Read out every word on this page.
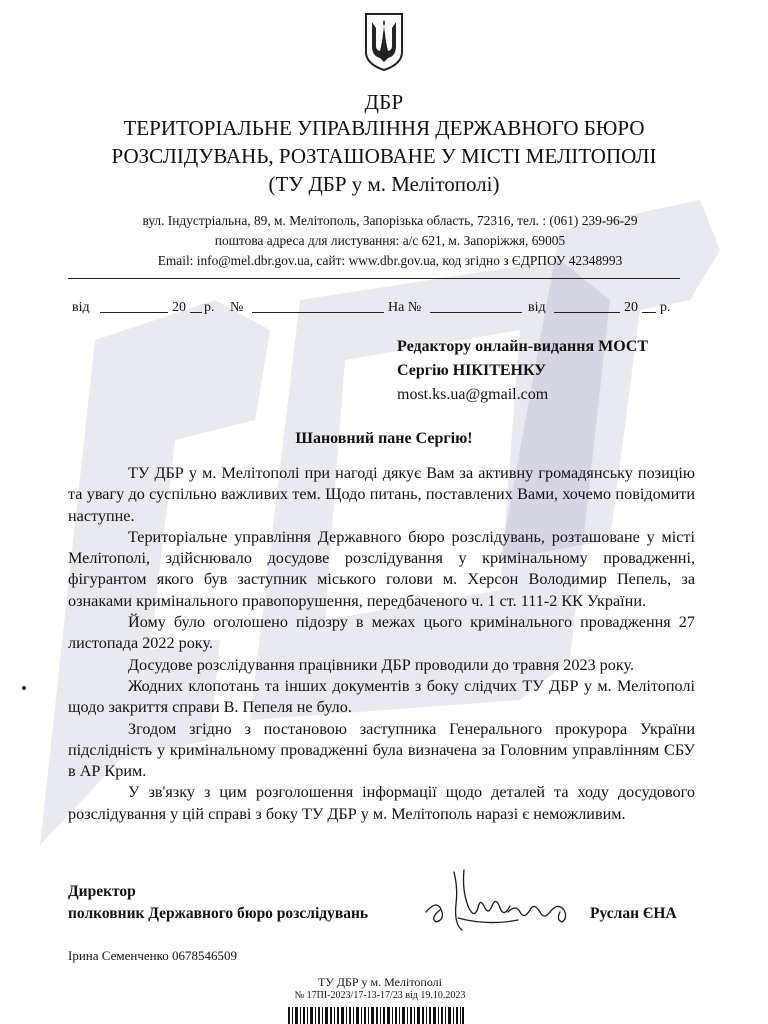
ДБР
ТЕРИТОРІАЛЬНЕ УПРАВЛІННЯ ДЕРЖАВНОГО БЮРО
РОЗСЛІДУВАНЬ, РОЗТАШОВАНЕ У МІСТІ МЕЛІТОПОЛІ
(ТУ ДБР у м. Мелітополі)
вул. Індустріальна, 89, м. Мелітополь, Запорізька область, 72316, тел. : (061) 239-96-29
поштова адреса для листування: а/с 621, м. Запоріжжя, 69005
Email: info@mel.dbr.gov.ua, сайт: www.dbr.gov.ua, код згідно з ЄДРПОУ 42348993
від	20 р. №	На №	від	20 р.
Редактору онлайн-видання МОСТ
Сергію НІКІТЕНКУ
most.ks.ua@gmail.com
Шановний пане Сергію!

ТУ ДБР у м. Мелітополі при нагоді дякує Вам за активну громадянську позицію та увагу до суспільно важливих тем. Щодо питань, поставлених Вами, хочемо повідомити наступне.

Територіальне управління Державного бюро розслідувань, розташоване у місті Мелітополі, здійснювало досудове розслідування у кримінальному провадженні, фігурантом якого був заступник міського голови м. Херсон Володимир Пепель, за ознаками кримінального правопорушення, передбаченого ч. 1 ст. 111-2 КК України.

Йому було оголошено підозру в межах цього кримінального провадження 27 листопада 2022 року.

Досудове розслідування працівники ДБР проводили до травня 2023 року.

Жодних клопотань та інших документів з боку слідчих ТУ ДБР у м. Мелітополі щодо закриття справи В. Пепеля не було.

Згодом згідно з постановою заступника Генерального прокурора України підслідність у кримінальному провадженні була визначена за Головним управлінням СБУ в АР Крим.

У зв'язку з цим розголошення інформації щодо деталей та ходу досудового розслідування у цій справі з боку ТУ ДБР у м. Мелітополь наразі є неможливим.

Директор
полковник Державного бюро розслідувань	Руслан ЄНА
Ірина Семенченко 0678546509
ТУ ДБР у м. Мелітополі
№ 17ПІ-2023/17-13-17/23 від 19.10.2023
